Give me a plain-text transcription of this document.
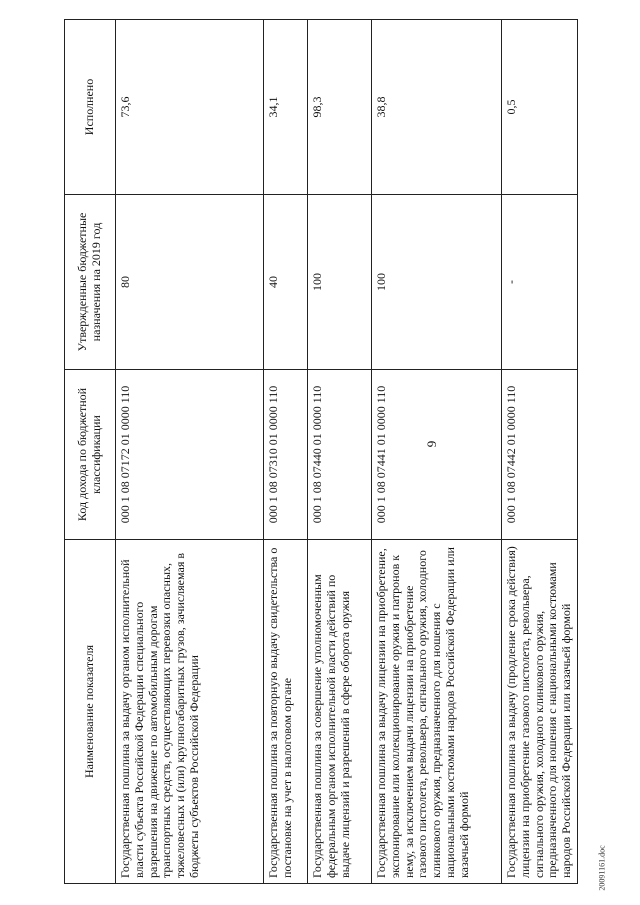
9
Наименование показателя	Код дохода по бюджетной классификации	Утвержденные бюджетные назначения на 2019 год	Исполнено
Государственная пошлина за выдачу органом исполнительной власти субъекта Российской Федерации специального разрешения на движение по автомобильным дорогам транспортных средств, осуществляющих перевозки опасных, тяжеловесных и (или) крупногабаритных грузов, зачисляемая в бюджеты субъектов Российской Федерации	000 1 08 07172 01 0000 110	80	73,6
Государственная пошлина за повторную выдачу свидетельства о постановке на учет в налоговом органе	000 1 08 07310 01 0000 110	40	34,1
Государственная пошлина за совершение уполномоченным федеральным органом исполнительной власти действий по выдаче лицензий и разрешений в сфере оборота оружия	000 1 08 07440 01 0000 110	100	98,3
Государственная пошлина за выдачу лицензии на приобретение, экспонирование или коллекционирование оружия и патронов к нему, за исключением выдачи лицензии на приобретение газового пистолета, револьвера, сигнального оружия, холодного клинкового оружия, предназначенного для ношения с национальными костюмами народов Российской Федерации или казачьей формой	000 1 08 07441 01 0000 110	100	38,8
Государственная пошлина за выдачу (продление срока действия) лицензии на приобретение газового пистолета, револьвера, сигнального оружия, холодного клинкового оружия, предназначенного для ношения с национальными костюмами народов Российской Федерации или казачьей формой	000 1 08 07442 01 0000 110	-	0,5
20091161.doc
